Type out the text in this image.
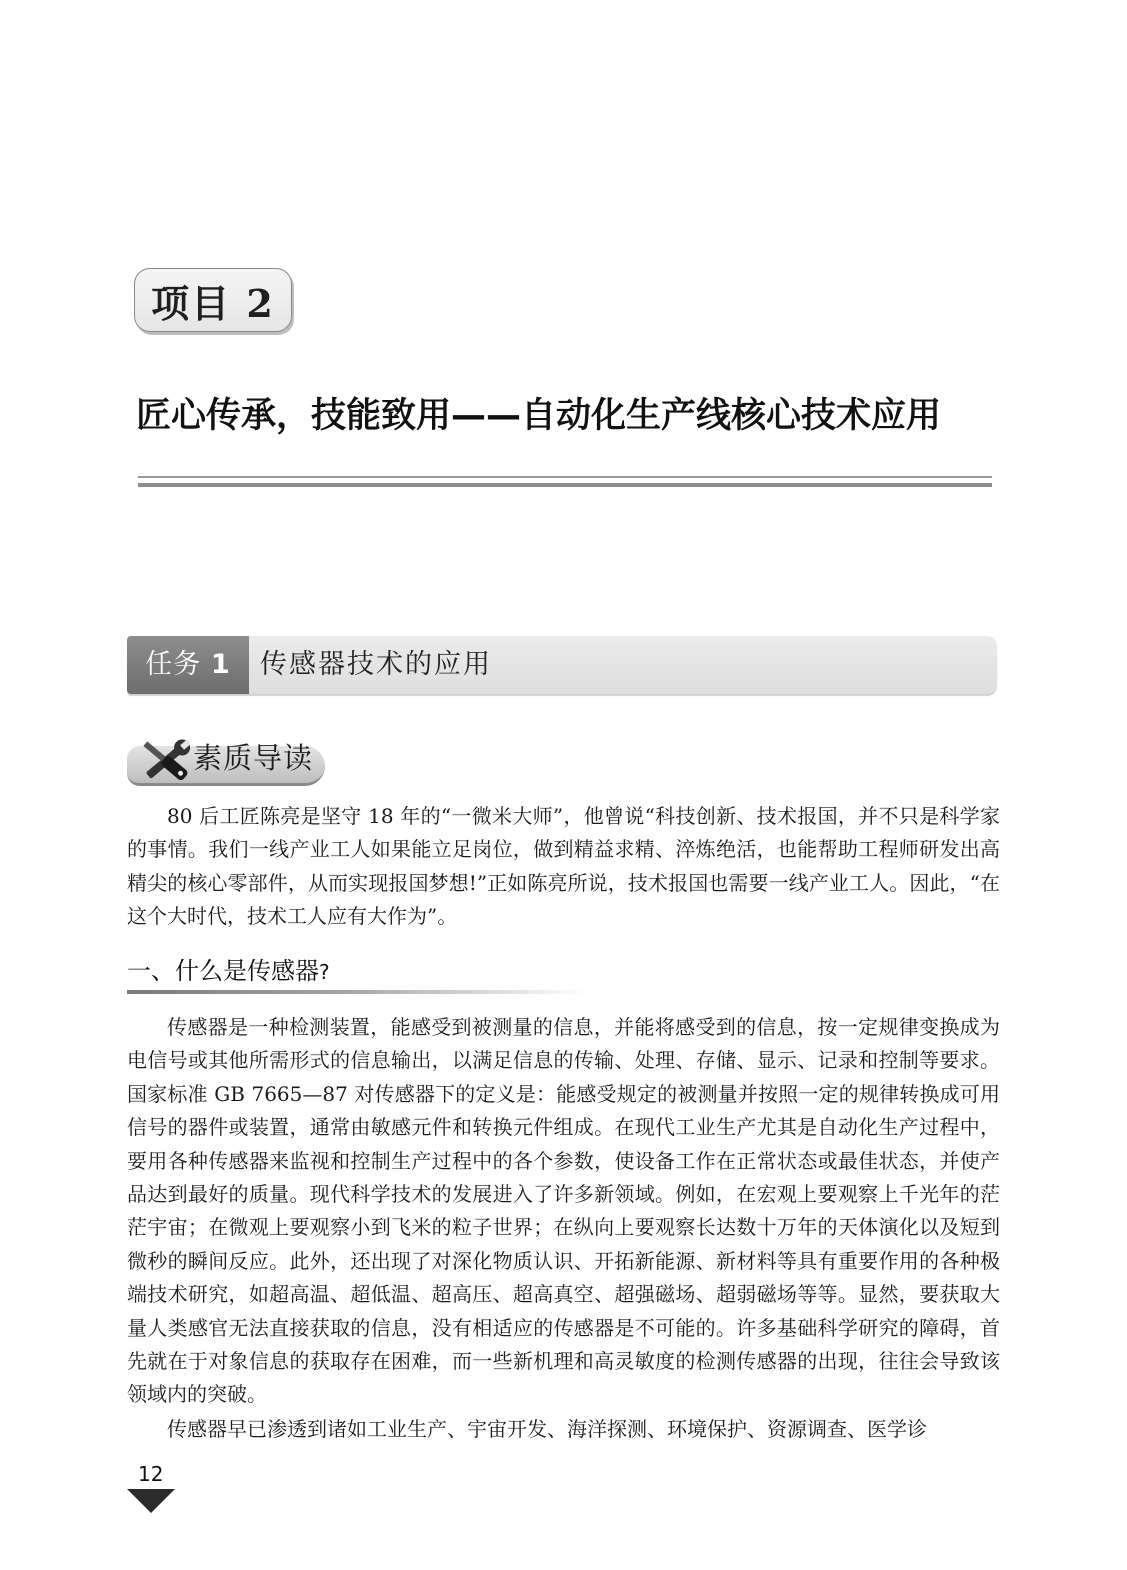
项目 2
匠心传承，技能致用——自动化生产线核心技术应用
任务 1	传感器技术的应用
素质导读

80 后工匠陈亮是坚守 18 年的“一微米大师”，他曾说“科技创新、技术报国，并不只是科学家的事情。我们一线产业工人如果能立足岗位，做到精益求精、淬炼绝活，也能帮助工程师研发出高精尖的核心零部件，从而实现报国梦想!”正如陈亮所说，技术报国也需要一线产业工人。因此，“在这个大时代，技术工人应有大作为”。

一、什么是传感器?

传感器是一种检测装置，能感受到被测量的信息，并能将感受到的信息，按一定规律变换成为电信号或其他所需形式的信息输出，以满足信息的传输、处理、存储、显示、记录和控制等要求。国家标准 GB 7665—87 对传感器下的定义是：能感受规定的被测量并按照一定的规律转换成可用信号的器件或装置，通常由敏感元件和转换元件组成。在现代工业生产尤其是自动化生产过程中，要用各种传感器来监视和控制生产过程中的各个参数，使设备工作在正常状态或最佳状态，并使产品达到最好的质量。现代科学技术的发展进入了许多新领域。例如，在宏观上要观察上千光年的茫茫宇宙；在微观上要观察小到飞米的粒子世界；在纵向上要观察长达数十万年的天体演化以及短到微秒的瞬间反应。此外，还出现了对深化物质认识、开拓新能源、新材料等具有重要作用的各种极端技术研究，如超高温、超低温、超高压、超高真空、超强磁场、超弱磁场等等。显然，要获取大量人类感官无法直接获取的信息，没有相适应的传感器是不可能的。许多基础科学研究的障碍，首先就在于对象信息的获取存在困难，而一些新机理和高灵敏度的检测传感器的出现，往往会导致该领域内的突破。

传感器早已渗透到诸如工业生产、宇宙开发、海洋探测、环境保护、资源调查、医学诊

12
